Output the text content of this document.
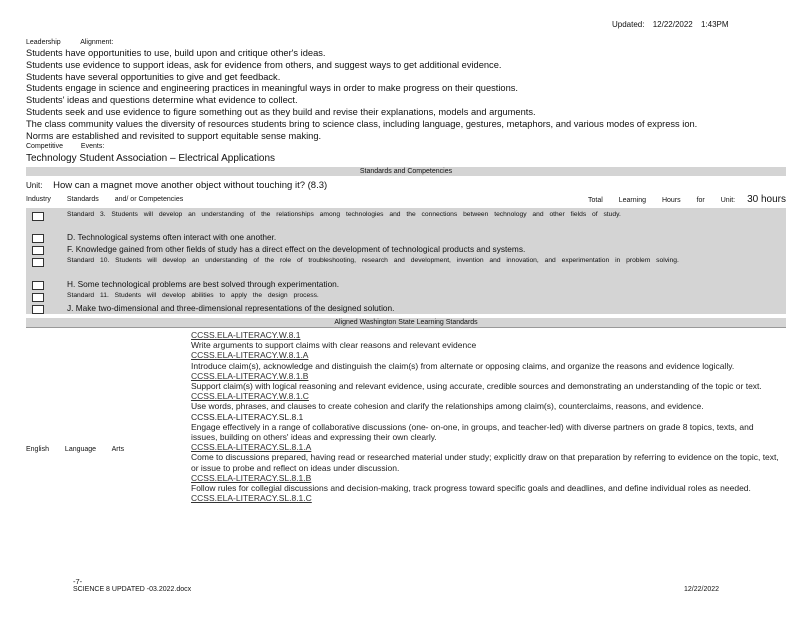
Updated: 12/22/2022 1:43PM
Leadership	Alignment:
Students have opportunities to use, build upon and critique other's ideas.
Students use evidence to support ideas, ask for evidence from others, and suggest ways to get additional evidence.
Students have several opportunities to give and get feedback.
Students engage in science and engineering practices in meaningful ways in order to make progress on their questions.
Students' ideas and questions determine what evidence to collect.
Students seek and use evidence to figure something out as they build and revise their explanations, models and arguments.
The class community values the diversity of resources students bring to science class, including language, gestures, metaphors, and various modes of express ion.
Norms are established and revisited to support equitable sense making.
Competitive	Events:
Technology Student Association – Electrical Applications
Standards and Competencies
Unit: How can a magnet move another object without touching it? (8.3)
Industry Standards and/ or Competencies	Total Learning Hours for Unit: 30 hours
Standard 3. Students will develop an understanding of the relationships among technologies and the connections between technology and other fields of study.
D. Technological systems often interact with one another.
F. Knowledge gained from other fields of study has a direct effect on the development of technological products and systems.
Standard 10. Students will develop an understanding of the role of troubleshooting, research and development, invention and innovation, and experimentation in problem solving.
H. Some technological problems are best solved through experimentation.
Standard 11. Students will develop abilities to apply the design process.
J. Make two-dimensional and three-dimensional representations of the designed solution.
Aligned Washington State Learning Standards
English Language Arts
CCSS.ELA-LITERACY.W.8.1
Write arguments to support claims with clear reasons and relevant evidence
CCSS.ELA-LITERACY.W.8.1.A
Introduce claim(s), acknowledge and distinguish the claim(s) from alternate or opposing claims, and organize the reasons and evidence logically.
CCSS.ELA-LITERACY.W.8.1.B
Support claim(s) with logical reasoning and relevant evidence, using accurate, credible sources and demonstrating an understanding of the topic or text.
CCSS.ELA-LITERACY.W.8.1.C
Use words, phrases, and clauses to create cohesion and clarify the relationships among claim(s), counterclaims, reasons, and evidence.
CCSS.ELA-LITERACY.SL.8.1
Engage effectively in a range of collaborative discussions (one- on-one, in groups, and teacher-led) with diverse partners on grade 8 topics, texts, and issues, building on others' ideas and expressing their own clearly.
CCSS.ELA-LITERACY.SL.8.1.A
Come to discussions prepared, having read or researched material under study; explicitly draw on that preparation by referring to evidence on the topic, text, or issue to probe and reflect on ideas under discussion.
CCSS.ELA-LITERACY.SL.8.1.B
Follow rules for collegial discussions and decision-making, track progress toward specific goals and deadlines, and define individual roles as needed.
CCSS.ELA-LITERACY.SL.8.1.C
-7-
SCIENCE 8 UPDATED -03.2022.docx	12/22/2022
